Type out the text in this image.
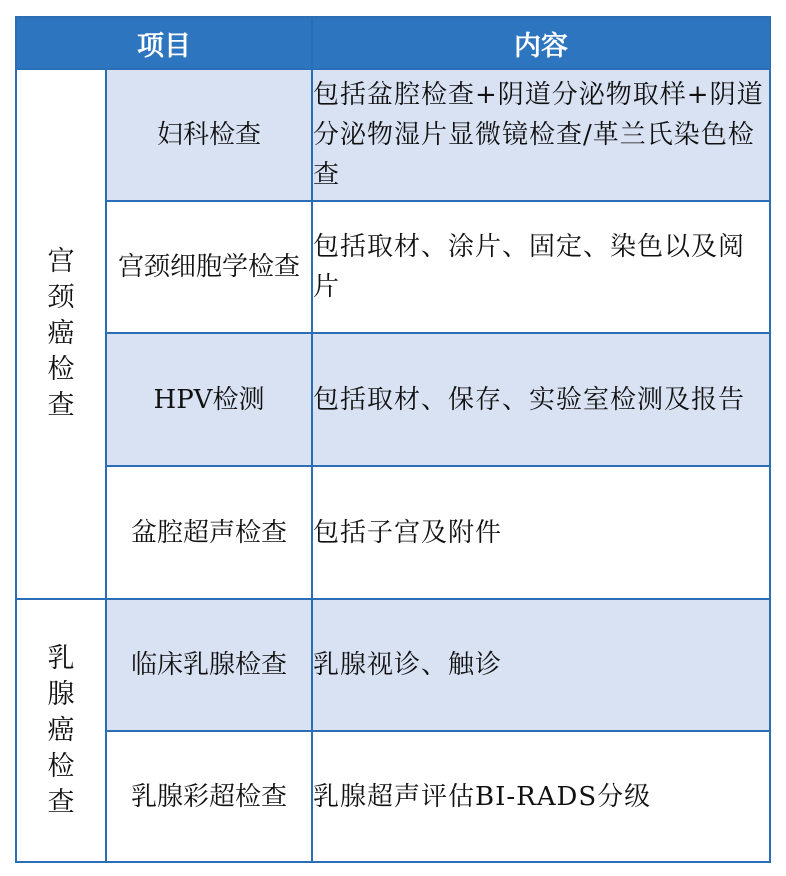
项目		内容
宫颈癌检查	妇科检查	包括盆腔检查+阴道分泌物取样+阴道分泌物湿片显微镜检查/革兰氏染色检查
	宫颈细胞学检查	包括取材、涂片、固定、染色以及阅片
	HPV检测	包括取材、保存、实验室检测及报告
	盆腔超声检查	包括子宫及附件
乳腺癌检查	临床乳腺检查	乳腺视诊、触诊
	乳腺彩超检查	乳腺超声评估BI-RADS分级
